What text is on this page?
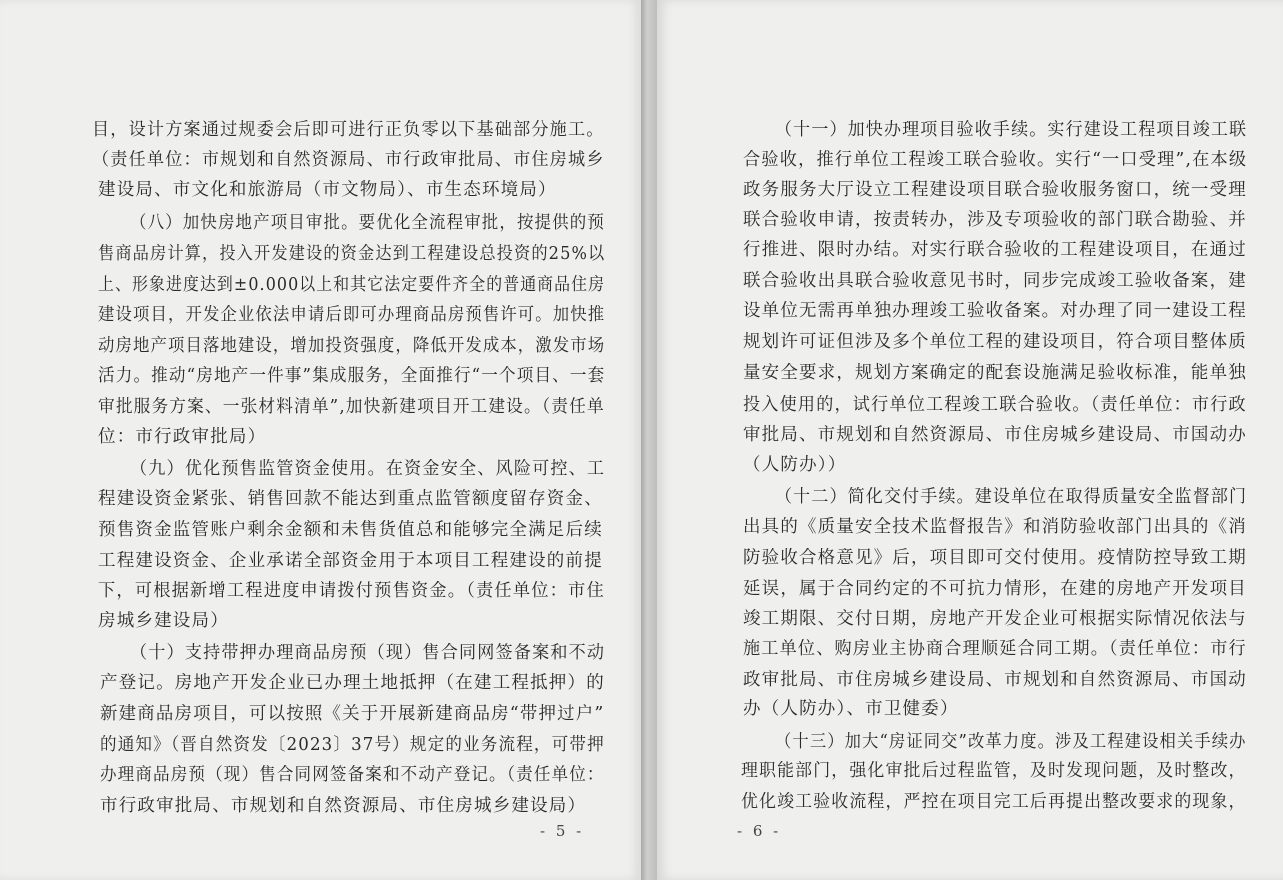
目，设计方案通过规委会后即可进行正负零以下基础部分施工。
（责任单位：市规划和自然资源局、市行政审批局、市住房城乡
建设局、市文化和旅游局（市文物局）、市生态环境局）
（八）加快房地产项目审批。要优化全流程审批，按提供的预
售商品房计算，投入开发建设的资金达到工程建设总投资的25%以
上、形象进度达到±0.000以上和其它法定要件齐全的普通商品住房
建设项目，开发企业依法申请后即可办理商品房预售许可。加快推
动房地产项目落地建设，增加投资强度，降低开发成本，激发市场
活力。推动“房地产一件事”集成服务，全面推行“一个项目、一套
审批服务方案、一张材料清单”,加快新建项目开工建设。（责任单
位：市行政审批局）
（九）优化预售监管资金使用。在资金安全、风险可控、工
程建设资金紧张、销售回款不能达到重点监管额度留存资金、
预售资金监管账户剩余金额和未售货值总和能够完全满足后续
工程建设资金、企业承诺全部资金用于本项目工程建设的前提
下，可根据新增工程进度申请拨付预售资金。（责任单位：市住
房城乡建设局）
（十）支持带押办理商品房预（现）售合同网签备案和不动
产登记。房地产开发企业已办理土地抵押（在建工程抵押）的
新建商品房项目，可以按照《关于开展新建商品房“带押过户”
的通知》（晋自然资发〔2023〕37号）规定的业务流程，可带押
办理商品房预（现）售合同网签备案和不动产登记。（责任单位：
市行政审批局、市规划和自然资源局、市住房城乡建设局）
- 5 -
（十一）加快办理项目验收手续。实行建设工程项目竣工联
合验收，推行单位工程竣工联合验收。实行“一口受理”,在本级
政务服务大厅设立工程建设项目联合验收服务窗口，统一受理
联合验收申请，按责转办，涉及专项验收的部门联合勘验、并
行推进、限时办结。对实行联合验收的工程建设项目，在通过
联合验收出具联合验收意见书时，同步完成竣工验收备案，建
设单位无需再单独办理竣工验收备案。对办理了同一建设工程
规划许可证但涉及多个单位工程的建设项目，符合项目整体质
量安全要求，规划方案确定的配套设施满足验收标准，能单独
投入使用的，试行单位工程竣工联合验收。（责任单位：市行政
审批局、市规划和自然资源局、市住房城乡建设局、市国动办
（人防办））
（十二）简化交付手续。建设单位在取得质量安全监督部门
出具的《质量安全技术监督报告》和消防验收部门出具的《消
防验收合格意见》后，项目即可交付使用。疫情防控导致工期
延误，属于合同约定的不可抗力情形，在建的房地产开发项目
竣工期限、交付日期，房地产开发企业可根据实际情况依法与
施工单位、购房业主协商合理顺延合同工期。（责任单位：市行
政审批局、市住房城乡建设局、市规划和自然资源局、市国动
办（人防办）、市卫健委）
（十三）加大“房证同交”改革力度。涉及工程建设相关手续办
理职能部门，强化审批后过程监管，及时发现问题，及时整改，
优化竣工验收流程，严控在项目完工后再提出整改要求的现象，
- 6 -
